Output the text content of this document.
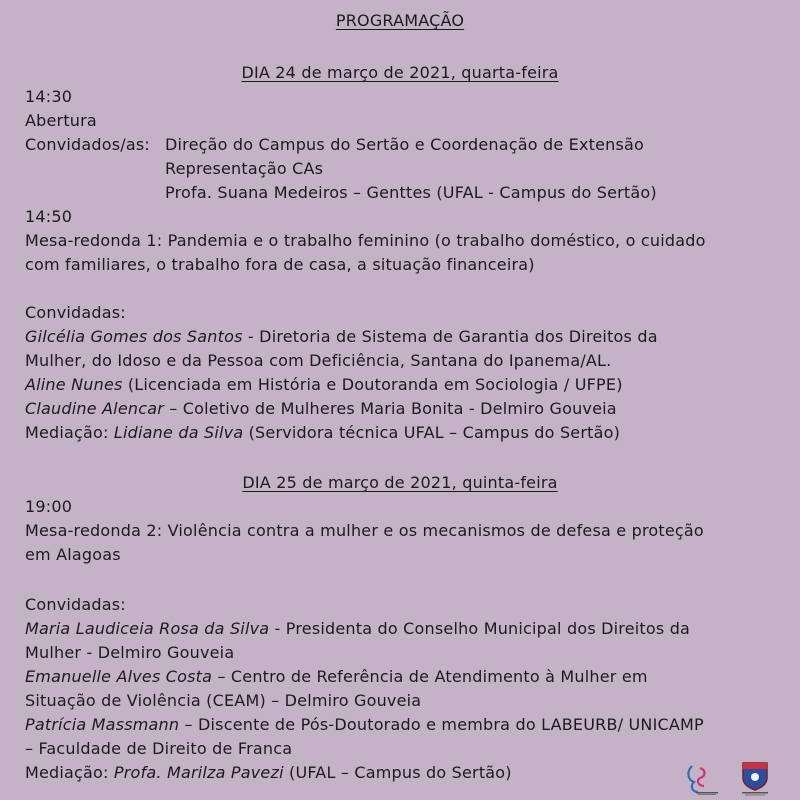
PROGRAMAÇÃO
DIA 24 de março de 2021, quarta-feira
14:30
Abertura
Convidados/as: Direção do Campus do Sertão e Coordenação de Extensão
Representação CAs
Profa. Suana Medeiros – Genttes (UFAL - Campus do Sertão)
14:50
Mesa-redonda 1: Pandemia e o trabalho feminino (o trabalho doméstico, o cuidado
com familiares, o trabalho fora de casa, a situação financeira)
Convidadas:
Gilcélia Gomes dos Santos - Diretoria de Sistema de Garantia dos Direitos da
Mulher, do Idoso e da Pessoa com Deficiência, Santana do Ipanema/AL.
Aline Nunes (Licenciada em História e Doutoranda em Sociologia / UFPE)
Claudine Alencar – Coletivo de Mulheres Maria Bonita - Delmiro Gouveia
Mediação: Lidiane da Silva (Servidora técnica UFAL – Campus do Sertão)
DIA 25 de março de 2021, quinta-feira
19:00
Mesa-redonda 2: Violência contra a mulher e os mecanismos de defesa e proteção
em Alagoas
Convidadas:
Maria Laudiceia Rosa da Silva - Presidenta do Conselho Municipal dos Direitos da
Mulher - Delmiro Gouveia
Emanuelle Alves Costa – Centro de Referência de Atendimento à Mulher em
Situação de Violência (CEAM) – Delmiro Gouveia
Patrícia Massmann – Discente de Pós-Doutorado e membra do LABEURB/ UNICAMP
– Faculdade de Direito de Franca
Mediação: Profa. Marilza Pavezi (UFAL – Campus do Sertão)
